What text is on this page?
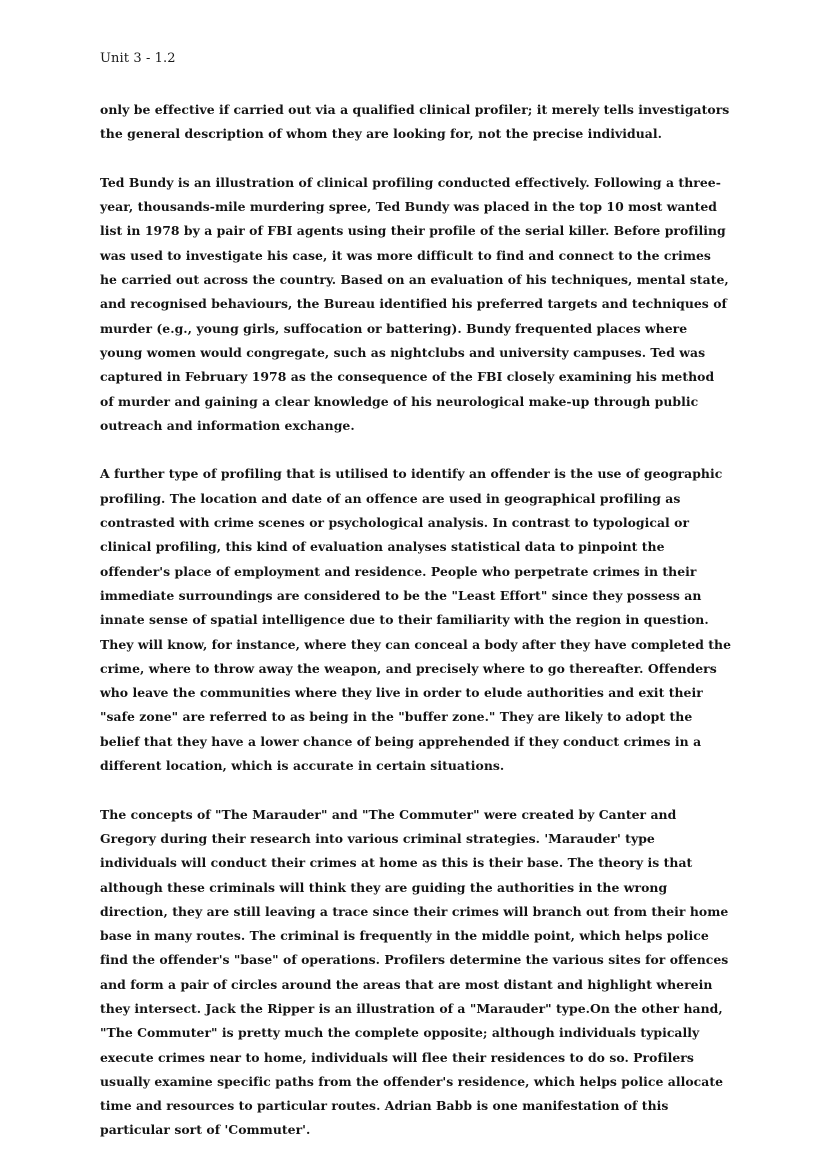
Unit 3 - 1.2

only be effective if carried out via a qualified clinical profiler; it merely tells investigators the general description of whom they are looking for, not the precise individual.

Ted Bundy is an illustration of clinical profiling conducted effectively. Following a three-year, thousands-mile murdering spree, Ted Bundy was placed in the top 10 most wanted list in 1978 by a pair of FBI agents using their profile of the serial killer. Before profiling was used to investigate his case, it was more difficult to find and connect to the crimes he carried out across the country. Based on an evaluation of his techniques, mental state, and recognised behaviours, the Bureau identified his preferred targets and techniques of murder (e.g., young girls, suffocation or battering). Bundy frequented places where young women would congregate, such as nightclubs and university campuses. Ted was captured in February 1978 as the consequence of the FBI closely examining his method of murder and gaining a clear knowledge of his neurological make-up through public outreach and information exchange.

A further type of profiling that is utilised to identify an offender is the use of geographic profiling. The location and date of an offence are used in geographical profiling as contrasted with crime scenes or psychological analysis. In contrast to typological or clinical profiling, this kind of evaluation analyses statistical data to pinpoint the offender's place of employment and residence. People who perpetrate crimes in their immediate surroundings are considered to be the "Least Effort" since they possess an innate sense of spatial intelligence due to their familiarity with the region in question. They will know, for instance, where they can conceal a body after they have completed the crime, where to throw away the weapon, and precisely where to go thereafter. Offenders who leave the communities where they live in order to elude authorities and exit their "safe zone" are referred to as being in the "buffer zone." They are likely to adopt the belief that they have a lower chance of being apprehended if they conduct crimes in a different location, which is accurate in certain situations.

The concepts of "The Marauder" and "The Commuter" were created by Canter and Gregory during their research into various criminal strategies. 'Marauder' type individuals will conduct their crimes at home as this is their base. The theory is that although these criminals will think they are guiding the authorities in the wrong direction, they are still leaving a trace since their crimes will branch out from their home base in many routes. The criminal is frequently in the middle point, which helps police find the offender's "base" of operations. Profilers determine the various sites for offences and form a pair of circles around the areas that are most distant and highlight wherein they intersect. Jack the Ripper is an illustration of a "Marauder" type.On the other hand, "The Commuter" is pretty much the complete opposite; although individuals typically execute crimes near to home, individuals will flee their residences to do so. Profilers usually examine specific paths from the offender's residence, which helps police allocate time and resources to particular routes. Adrian Babb is one manifestation of this particular sort of 'Commuter'.
